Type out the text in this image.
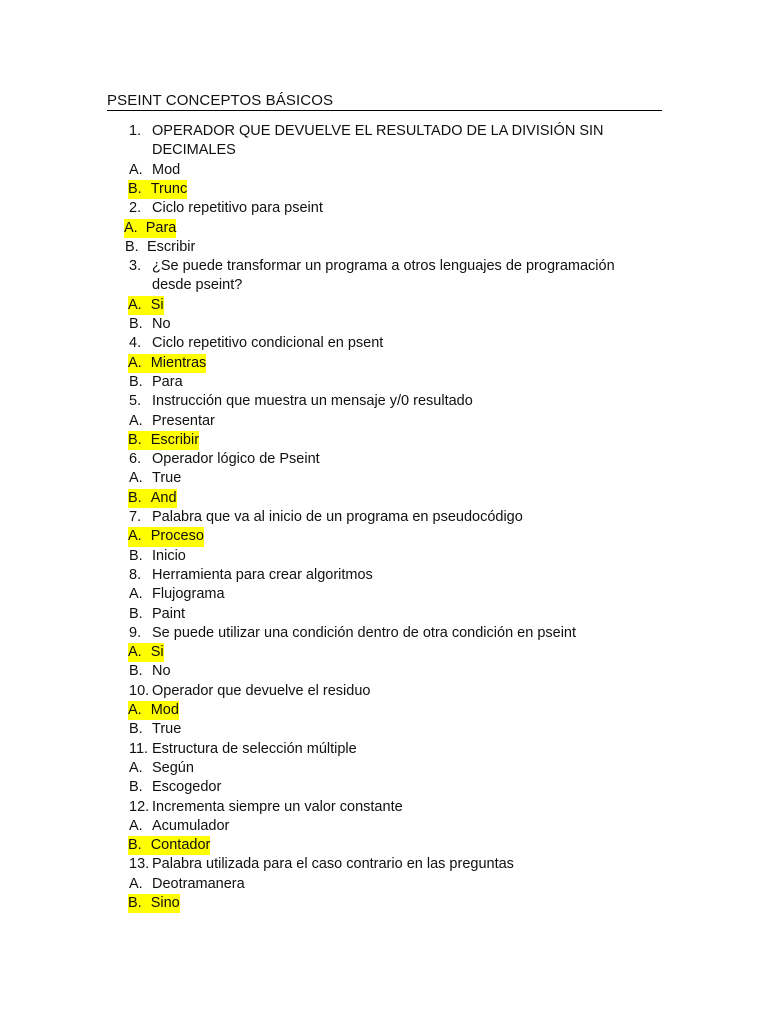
PSEINT CONCEPTOS BÁSICOS
1. OPERADOR QUE DEVUELVE EL RESULTADO DE LA DIVISIÓN SIN
DECIMALES
A. Mod
B. Trunc
2. Ciclo repetitivo para pseint
A. Para
B. Escribir
3. ¿Se puede transformar un programa a otros lenguajes de programación
desde pseint?
A. Si
B. No
4. Ciclo repetitivo condicional en psent
A. Mientras
B. Para
5. Instrucción que muestra un mensaje y/0 resultado
A. Presentar
B. Escribir
6. Operador lógico de Pseint
A. True
B. And
7. Palabra que va al inicio de un programa en pseudocódigo
A. Proceso
B. Inicio
8. Herramienta para crear algoritmos
A. Flujograma
B. Paint
9. Se puede utilizar una condición dentro de otra condición en pseint
A. Si
B. No
10. Operador que devuelve el residuo
A. Mod
B. True
11. Estructura de selección múltiple
A. Según
B. Escogedor
12. Incrementa siempre un valor constante
A. Acumulador
B. Contador
13. Palabra utilizada para el caso contrario en las preguntas
A. Deotramanera
B. Sino
